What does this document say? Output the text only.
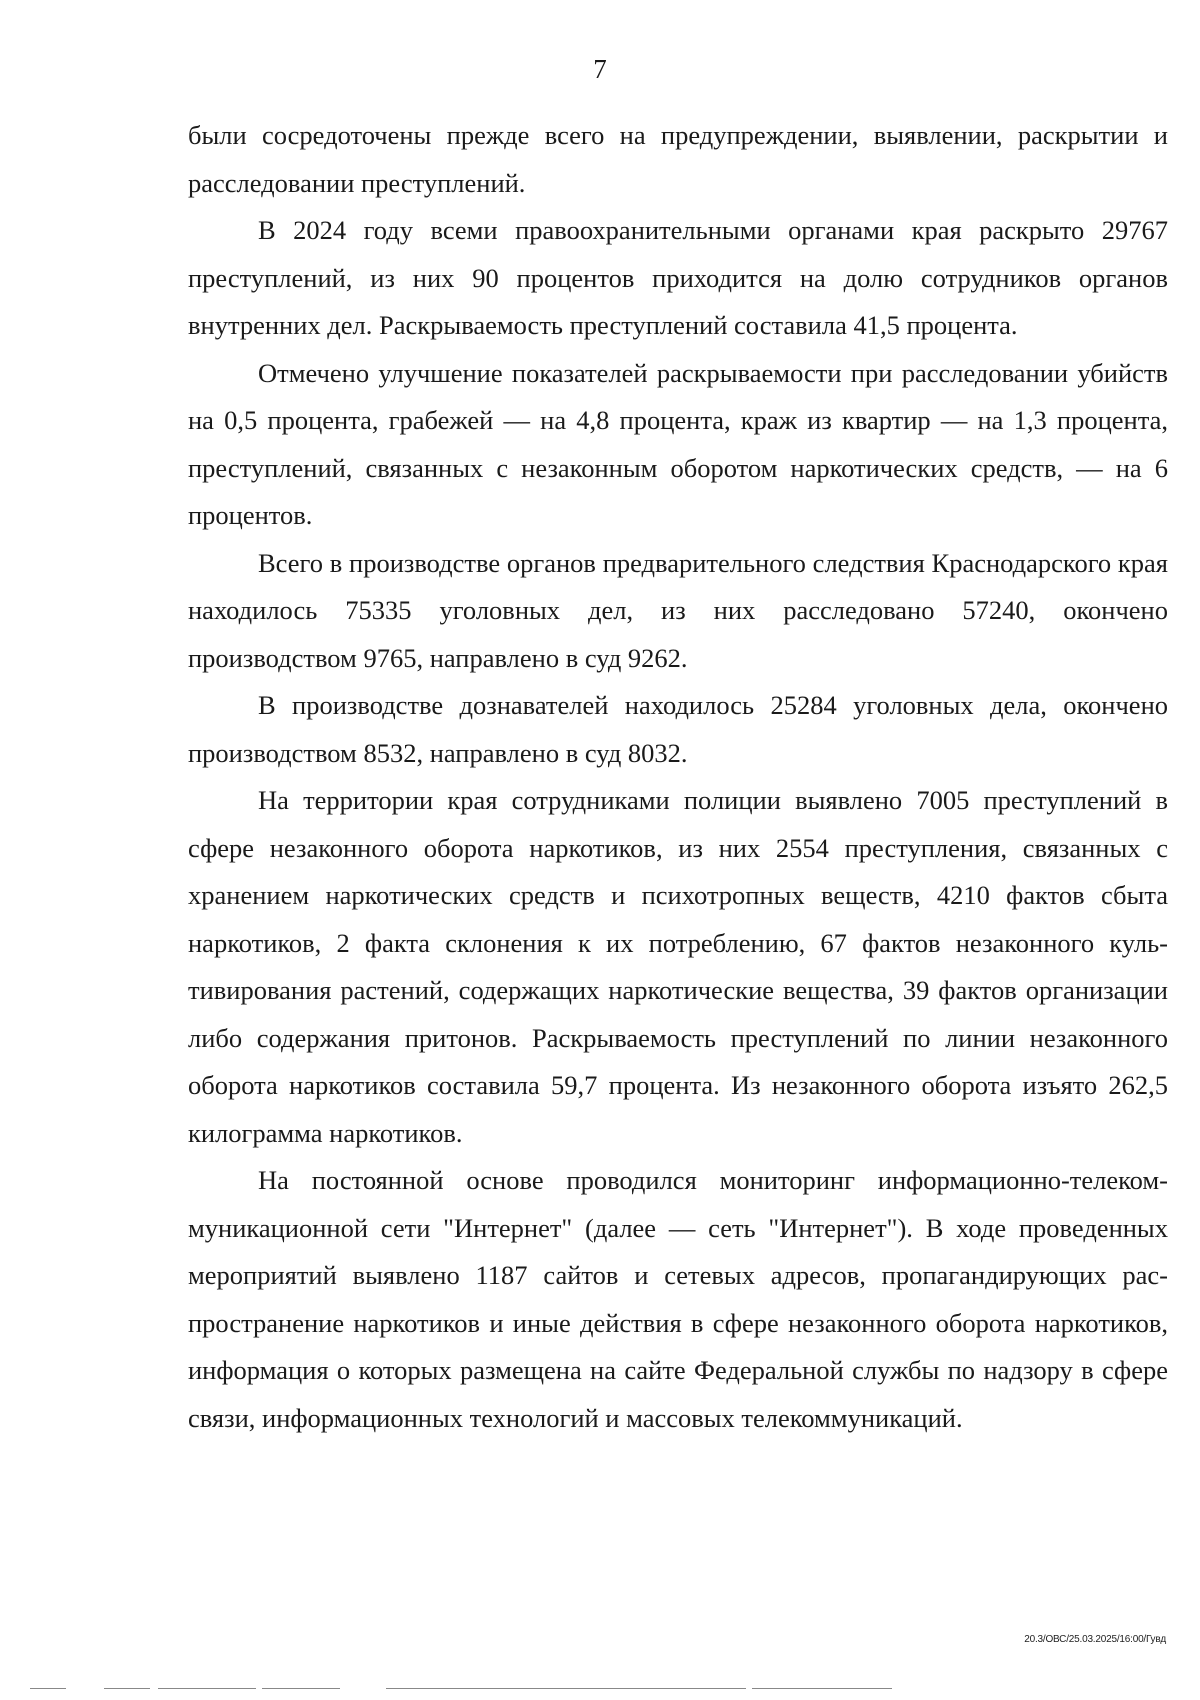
7

были сосредоточены прежде всего на предупреждении, выявлении, раскрытии и расследовании преступлений.

В 2024 году всеми правоохранительными органами края раскрыто 29767 преступлений, из них 90 процентов приходится на долю сотрудников органов внутренних дел. Раскрываемость преступлений составила 41,5 процента.

Отмечено улучшение показателей раскрываемости при расследовании убийств на 0,5 процента, грабежей — на 4,8 процента, краж из квартир — на 1,3 процента, преступлений, связанных с незаконным оборотом наркотических средств, — на 6 процентов.

Всего в производстве органов предварительного следствия Краснодарского края находилось 75335 уголовных дел, из них расследовано 57240, окончено производством 9765, направлено в суд 9262.

В производстве дознавателей находилось 25284 уголовных дела, окончено производством 8532, направлено в суд 8032.

На территории края сотрудниками полиции выявлено 7005 преступлений в сфере незаконного оборота наркотиков, из них 2554 преступления, связанных с хранением наркотических средств и психотропных веществ, 4210 фактов сбыта наркотиков, 2 факта склонения к их потреблению, 67 фактов незаконного культивирования растений, содержащих наркотические вещества, 39 фактов организации либо содержания притонов. Раскрываемость преступлений по линии незаконного оборота наркотиков составила 59,7 процента. Из незаконного оборота изъято 262,5 килограмма наркотиков.

На постоянной основе проводился мониторинг информационно-телекоммуникационной сети "Интернет" (далее — сеть "Интернет"). В ходе проведенных мероприятий выявлено 1187 сайтов и сетевых адресов, пропагандирующих распространение наркотиков и иные действия в сфере незаконного оборота наркотиков, информация о которых размещена на сайте Федеральной службы по надзору в сфере связи, информационных технологий и массовых телекоммуникаций.

20.3/ОВС/25.03.2025/16:00/Гувд
